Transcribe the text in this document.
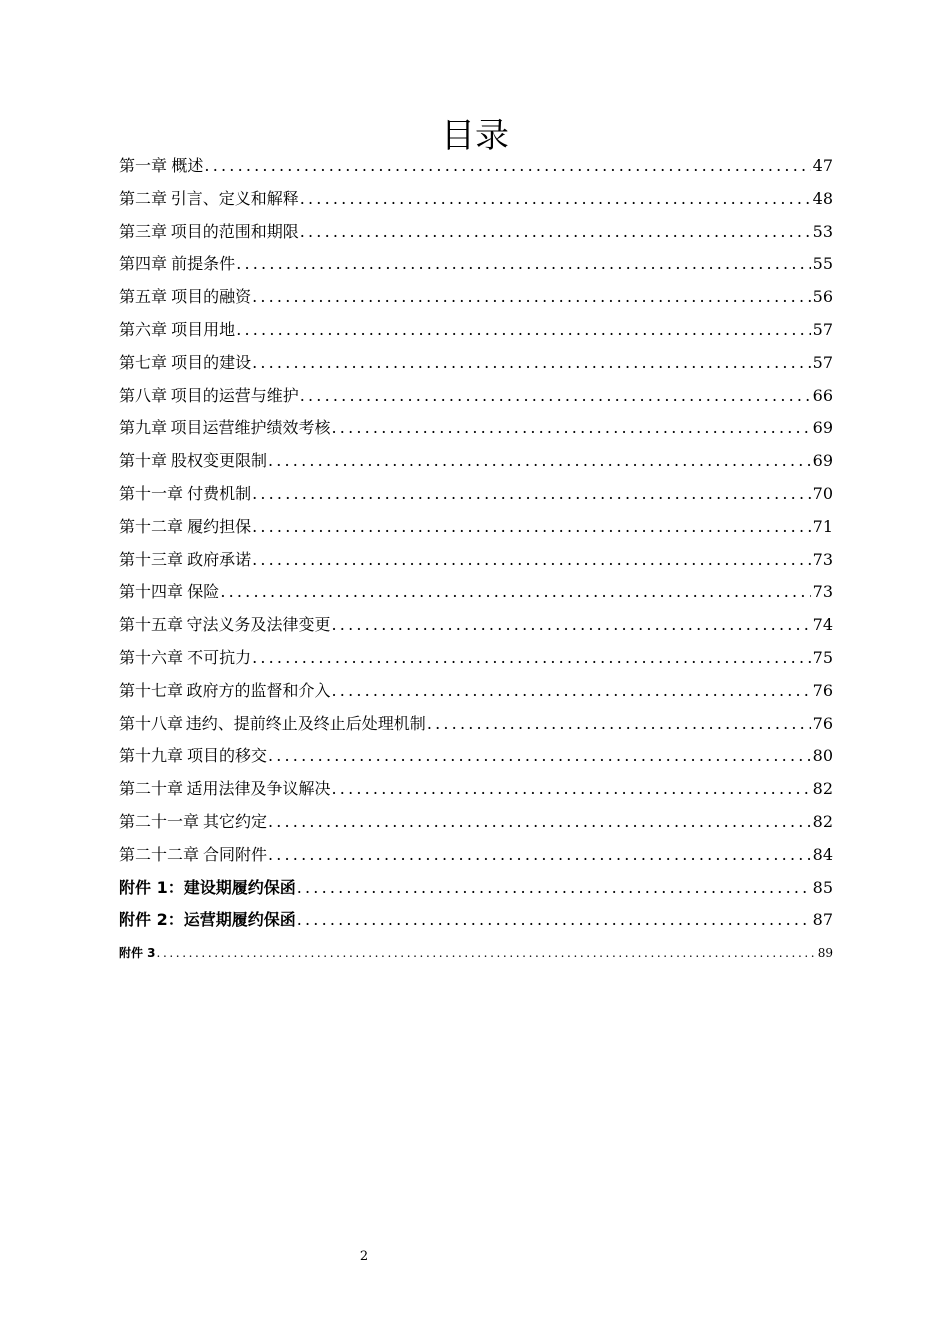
目录
第一章 概述 .....	47
第二章 引言、定义和解释 .....	48
第三章 项目的范围和期限 .....	53
第四章 前提条件 .....	55
第五章 项目的融资 .....	56
第六章 项目用地 .....	57
第七章 项目的建设 .....	57
第八章 项目的运营与维护 .....	66
第九章 项目运营维护绩效考核 .....	69
第十章 股权变更限制 .....	69
第十一章 付费机制 .....	70
第十二章 履约担保 .....	71
第十三章 政府承诺 .....	73
第十四章 保险 .....	73
第十五章 守法义务及法律变更 .....	74
第十六章 不可抗力 .....	75
第十七章 政府方的监督和介入 .....	76
第十八章 违约、提前终止及终止后处理机制 .....	76
第十九章 项目的移交 .....	80
第二十章 适用法律及争议解决 .....	82
第二十一章 其它约定 .....	82
第二十二章 合同附件 .....	84
附件 1：建设期履约保函 .....	85
附件 2：运营期履约保函 .....	87
附件 3 .....	89
2
